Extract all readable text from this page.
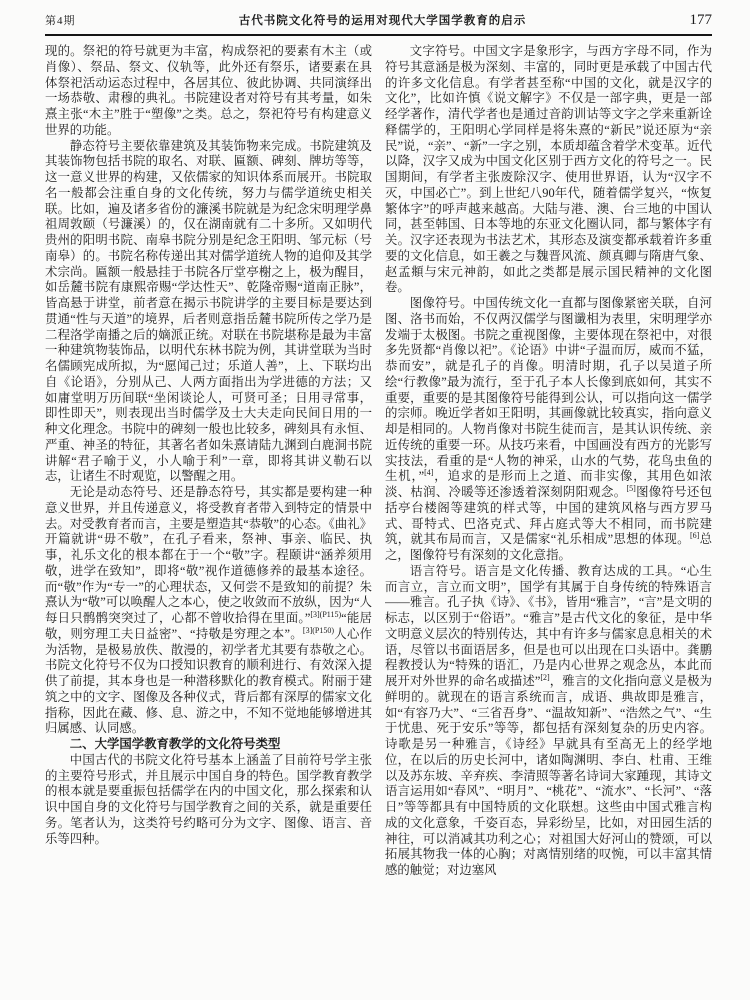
第4期	古代书院文化符号的运用对现代大学国学教育的启示	177

现的。祭祀的符号就更为丰富，构成祭祀的要素有木主（或肖像）、祭品、祭文、仪轨等，此外还有祭乐，诸要素在具体祭祀活动运态过程中，各居其位、彼此协调、共同演绎出一场恭敬、肃穆的典礼。书院建设者对符号有其考量，如朱熹主张“木主”胜于“塑像”之类。总之，祭祀符号有构建意义世界的功能。

静态符号主要依靠建筑及其装饰物来完成。书院建筑及其装饰物包括书院的取名、对联、匾额、碑刻、牌坊等等，这一意义世界的构建，又依儒家的知识体系而展开。书院取名一般都会注重自身的文化传统，努力与儒学道统史相关联。比如，遍及诸多省份的濂溪书院就是为纪念宋明理学鼻祖周敦颐（号濂溪）的，仅在湖南就有二十多所。又如明代贵州的阳明书院、南皋书院分别是纪念王阳明、邹元标（号南皋）的。书院名称传递出其对儒学道统人物的追仰及其学术宗尚。匾额一般悬挂于书院各厅堂亭榭之上，极为醒目，如岳麓书院有康熙帝赐“学达性天”、乾隆帝赐“道南正脉”，皆高悬于讲堂，前者意在揭示书院讲学的主要目标是要达到贯通“性与天道”的境界，后者则意指岳麓书院所传之学乃是二程洛学南播之后的嫡派正统。对联在书院堪称是最为丰富一种建筑物装饰品，以明代东林书院为例，其讲堂联为当时名儒顾宪成所拟，为“愿闻己过；乐道人善”，上、下联均出自《论语》，分别从己、人两方面指出为学进德的方法；又如庸堂明万历间联“坐闲谈论人，可贤可圣；日用寻常事，即性即天”，则表现出当时儒学及士大夫走向民间日用的一种文化理念。书院中的碑刻一般也比较多，碑刻具有永恒、严重、神圣的特征，其著名者如朱熹请陆九渊到白鹿洞书院讲解“君子喻于义，小人喻于利”一章，即将其讲义勒石以志，让诸生不时观览，以警醒之用。

无论是动态符号、还是静态符号，其实都是要构建一种意义世界，并且传递意义，将受教育者带入到特定的情景中去。对受教育者而言，主要是塑造其“恭敬”的心态。《曲礼》开篇就讲“毋不敬”，在孔子看来，祭神、事亲、临民、执事，礼乐文化的根本都在于一个“敬”字。程颐讲“涵养须用敬，进学在致知”，即将“敬”视作道德修养的最基本途径。而“敬”作为“专一”的心理状态，又何尝不是致知的前提？朱熹认为“敬”可以唤醒人之本心，使之收敛而不放纵，因为“人每日只鹘鹘突突过了，心都不曾收拾得在里面。”$^{[3](P115)}$“能居敬，则穷理工夫日益密”、“持敬是穷理之本”。$^{[3](P150)}$人心作为活物，是极易放佚、散漫的，初学者尤其要有恭敬之心。书院文化符号不仅为口授知识教育的顺利进行、有效深入提供了前提，其本身也是一种潜移默化的教育模式。附丽于建筑之中的文字、图像及各种仪式，背后都有深厚的儒家文化指称，因此在藏、修、息、游之中，不知不觉地能够增进其归属感、认同感。

二、大学国学教育教学的文化符号类型

中国古代的书院文化符号基本上涵盖了目前符号学主张的主要符号形式，并且展示中国自身的特色。国学教育教学的根本就是要重振包括儒学在内的中国文化，那么探索和认识中国自身的文化符号与国学教育之间的关系，就是重要任务。笔者认为，这类符号约略可分为文字、图像、语言、音乐等四种。

文字符号。中国文字是象形字，与西方字母不同，作为符号其意涵是极为深刻、丰富的，同时更是承载了中国古代的许多文化信息。有学者甚至称“中国的文化，就是汉字的文化”，比如许慎《说文解字》不仅是一部字典，更是一部经学著作，清代学者也是通过音韵训诂等文字之学来重新诠释儒学的，王阳明心学同样是将朱熹的“新民”说还原为“亲民”说，“亲”、“新”一字之别，本质却蕴含着学术变革。近代以降，汉字又成为中国文化区别于西方文化的符号之一。民国期间，有学者主张废除汉字、使用世界语，认为“汉字不灭，中国必亡”。到上世纪八90年代，随着儒学复兴，“恢复繁体字”的呼声越来越高。大陆与港、澳、台三地的中国认同，甚至韩国、日本等地的东亚文化圈认同，都与繁体字有关。汉字还表现为书法艺术，其形态及演变都承载着许多重要的文化信息，如王羲之与魏晋风流、颜真卿与隋唐气象、赵孟頫与宋元神韵，如此之类都是展示国民精神的文化图卷。

图像符号。中国传统文化一直都与图像紧密关联，自河图、洛书而始，不仅两汉儒学与图谶相为表里，宋明理学亦发端于太极图。书院之重视图像，主要体现在祭祀中，对很多先贤都“肖像以祀”。《论语》中讲“子温而厉，威而不猛，恭而安”，就是孔子的肖像。明清时期，孔子以吴道子所绘“行教像”最为流行，至于孔子本人长像到底如何，其实不重要，重要的是其图像符号能得到公认，可以指向这一儒学的宗师。晚近学者如王阳明，其画像就比较真实，指向意义却是相同的。人物肖像对书院生徒而言，是其认识传统、亲近传统的重要一环。从技巧来看，中国画没有西方的光影写实技法，看重的是“人物的神采，山水的气势，花鸟虫鱼的生机，”[4]，追求的是形而上之道、而非实像，其用色如浓淡、枯润、冷暖等还渗透着深刻阴阳观念。[5]图像符号还包括亭台楼阁等建筑的样式等，中国的建筑风格与西方罗马式、哥特式、巴洛克式、拜占庭式等大不相同，而书院建筑，就其布局而言，又是儒家“礼乐相成”思想的体现。[6]总之，图像符号有深刻的文化意指。

语言符号。语言是文化传播、教育达成的工具。“心生而言立，言立而文明”，国学有其属于自身传统的特殊语言——雅言。孔子执《诗》、《书》，皆用“雅言”，“言”是文明的标志，以区别于“俗语”。“雅言”是古代文化的象征，是中华文明意义层次的特别传达，其中有许多与儒家息息相关的术语，尽管以书面语居多，但是也可以出现在口头语中。龚鹏程教授认为“特殊的语汇，乃是内心世界之观念丛，本此而展开对外世界的命名或描述”[2]，雅言的文化指向意义是极为鲜明的。就现在的语言系统而言，成语、典故即是雅言，如“有容乃大”、“三省吾身”、“温故知新”、“浩然之气”、“生于忧患、死于安乐”等等，都包括有深刻复杂的历史内容。诗歌是另一种雅言，《诗经》早就具有至高无上的经学地位，在以后的历史长河中，诸如陶渊明、李白、杜甫、王维以及苏东坡、辛弃疾、李清照等著名诗词大家踵现，其诗文语言运用如“春风”、“明月”、“桃花”、“流水”、“长河”、“落日”等等都具有中国特质的文化联想。这些由中国式雅言构成的文化意象，千姿百态，异彩纷呈，比如，对田园生活的神往，可以消减其功利之心；对祖国大好河山的赞颂，可以拓展其物我一体的心胸；对离情别绪的叹惋，可以丰富其情感的触觉；对边塞风
